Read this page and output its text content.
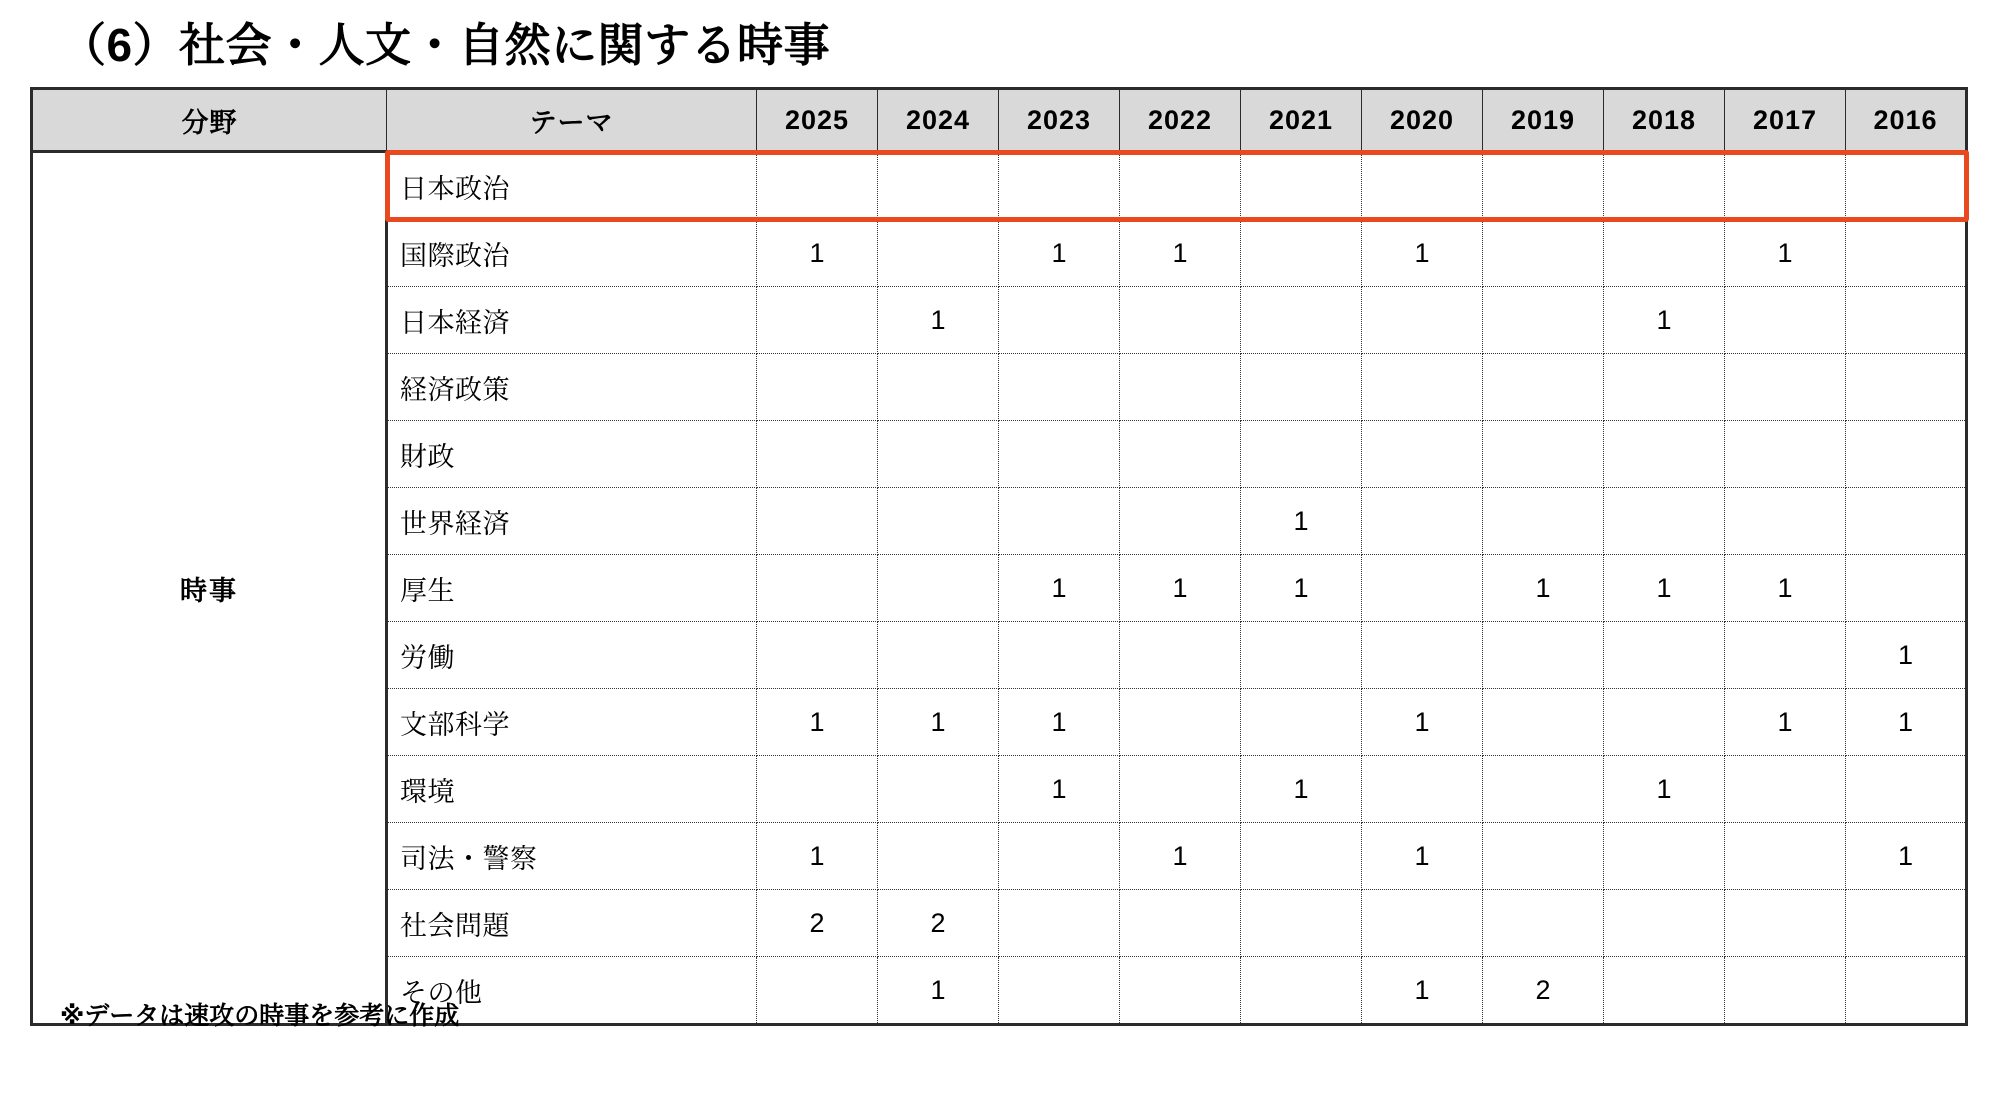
（6）社会・人文・自然に関する時事
分野	テーマ	2025	2024	2023	2022	2021	2020	2019	2018	2017	2016
時事	日本政治										
	国際政治	1		1	1		1			1	
	日本経済		1						1		
	経済政策										
	財政										
	世界経済					1					
	厚生			1	1	1		1	1	1	
	労働										1
	文部科学	1	1	1			1			1	1
	環境			1		1			1		
	司法・警察	1			1		1				1
	社会問題	2	2								
	その他		1				1	2			
※データは速攻の時事を参考に作成
